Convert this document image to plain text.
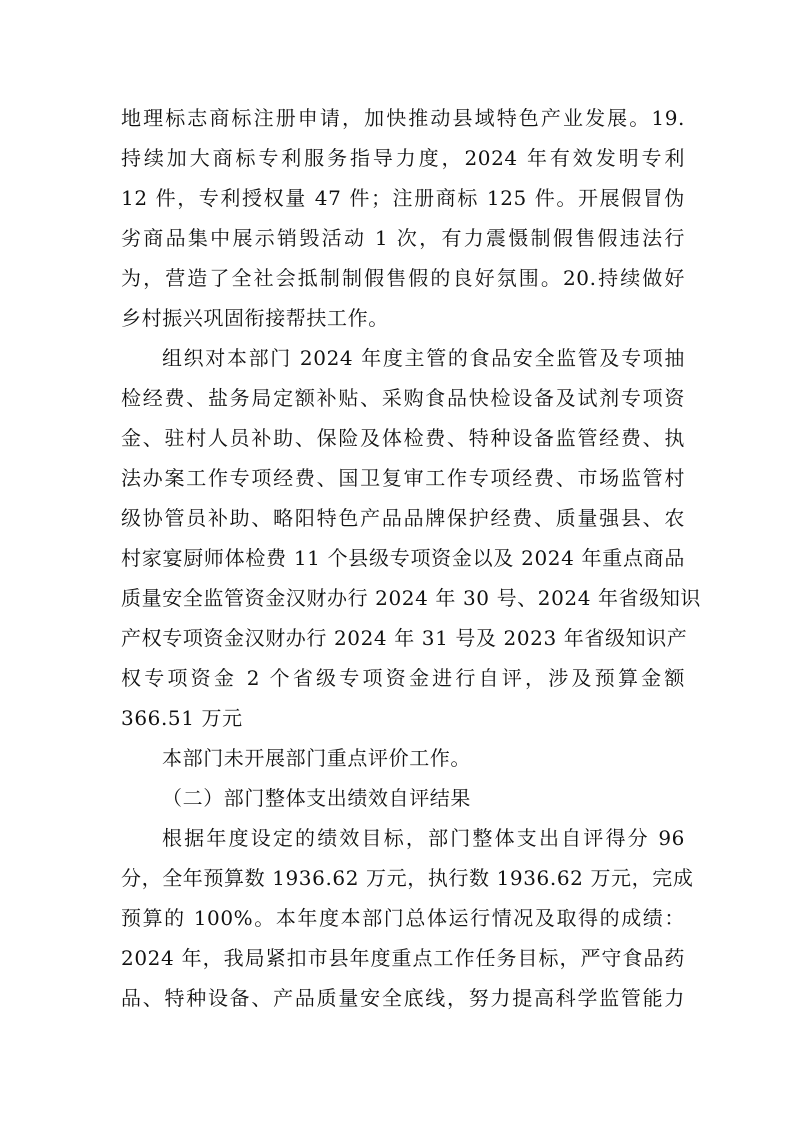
地理标志商标注册申请，加快推动县域特色产业发展。19.
持续加大商标专利服务指导力度，2024 年有效发明专利
12 件，专利授权量 47 件；注册商标 125 件。开展假冒伪
劣商品集中展示销毁活动 1 次，有力震慑制假售假违法行
为，营造了全社会抵制制假售假的良好氛围。20.持续做好
乡村振兴巩固衔接帮扶工作。
组织对本部门 2024 年度主管的食品安全监管及专项抽
检经费、盐务局定额补贴、采购食品快检设备及试剂专项资
金、驻村人员补助、保险及体检费、特种设备监管经费、执
法办案工作专项经费、国卫复审工作专项经费、市场监管村
级协管员补助、略阳特色产品品牌保护经费、质量强县、农
村家宴厨师体检费 11 个县级专项资金以及 2024 年重点商品
质量安全监管资金汉财办行 2024 年 30 号、2024 年省级知识
产权专项资金汉财办行 2024 年 31 号及 2023 年省级知识产
权专项资金 2 个省级专项资金进行自评，涉及预算金额
366.51 万元
本部门未开展部门重点评价工作。
（二）部门整体支出绩效自评结果
根据年度设定的绩效目标，部门整体支出自评得分 96
分，全年预算数 1936.62 万元，执行数 1936.62 万元，完成
预算的 100%。本年度本部门总体运行情况及取得的成绩：
2024 年，我局紧扣市县年度重点工作任务目标，严守食品药
品、特种设备、产品质量安全底线，努力提高科学监管能力
